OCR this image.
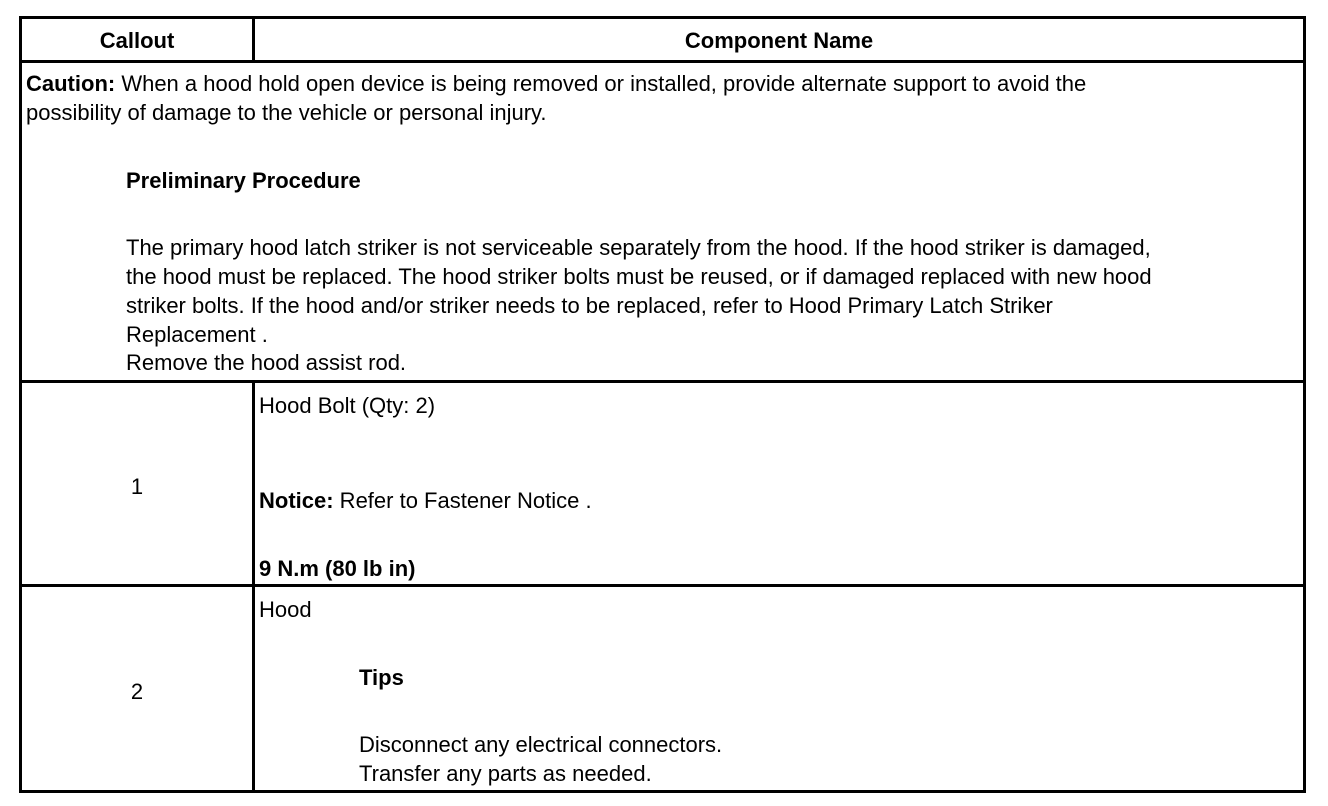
Callout	Component Name
Caution: When a hood hold open device is being removed or installed, provide alternate support to avoid the
possibility of damage to the vehicle or personal injury.
Preliminary Procedure
The primary hood latch striker is not serviceable separately from the hood. If the hood striker is damaged,
the hood must be replaced. The hood striker bolts must be reused, or if damaged replaced with new hood
striker bolts. If the hood and/or striker needs to be replaced, refer to Hood Primary Latch Striker
Replacement .
Remove the hood assist rod.
1
Hood Bolt (Qty: 2)
Notice: Refer to Fastener Notice .
9 N.m (80 lb in)
2
Hood
Tips
Disconnect any electrical connectors.
Transfer any parts as needed.
